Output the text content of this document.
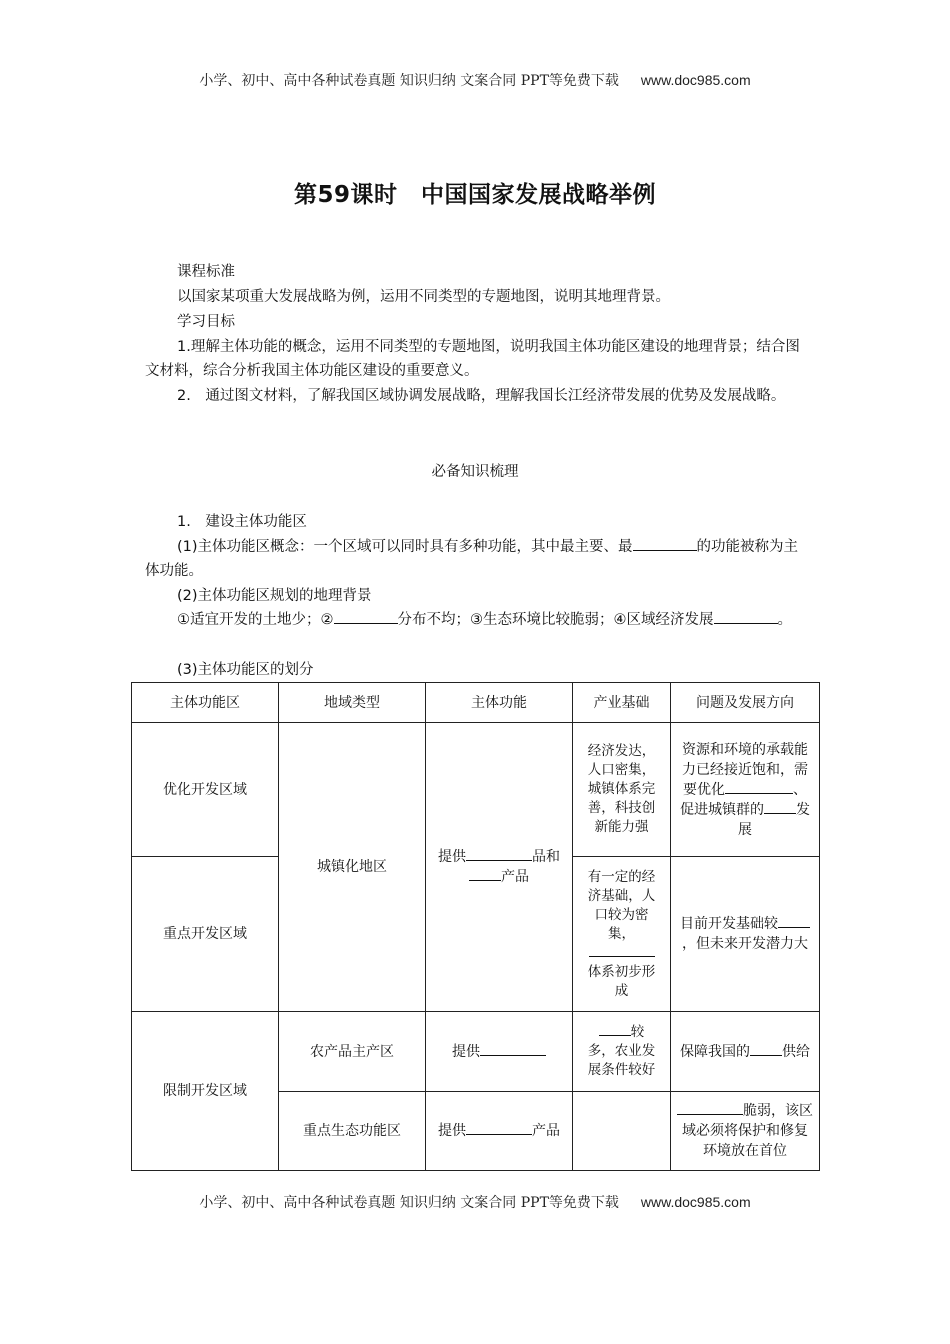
小学、初中、高中各种试卷真题 知识归纳 文案合同 PPT等免费下载 www.doc985.com
第59课时　中国国家发展战略举例
课程标准
以国家某项重大发展战略为例，运用不同类型的专题地图，说明其地理背景。
学习目标
1.理解主体功能的概念，运用不同类型的专题地图，说明我国主体功能区建设的地理背景；结合图文材料，综合分析我国主体功能区建设的重要意义。
2.　通过图文材料，了解我国区域协调发展战略，理解我国长江经济带发展的优势及发展战略。
必备知识梳理
1.　建设主体功能区
(1)主体功能区概念：一个区域可以同时具有多种功能，其中最主要、最	的功能被称为主体功能。
(2)主体功能区规划的地理背景
①适宜开发的土地少；②	分布不均；③生态环境比较脆弱；④区域经济发展	。
(3)主体功能区的划分
主体功能区	地域类型	主体功能	产业基础	问题及发展方向
优化开发区域	城镇化地区	提供 品和产品	经济发达，人口密集，城镇体系完善，科技创新能力强	资源和环境的承载能力已经接近饱和，需要优化 、促进城镇群的 发展
重点开发区域			有一定的经济基础，人口较为密集，体系初步形成	目前开发基础较，但未来开发潜力大
限制开发区域	农产品主产区	提供	较多，农业发展条件较好	保障我国的 供给
	重点生态功能区	提供 产品		脆弱，该区域必须将保护和修复环境放在首位
小学、初中、高中各种试卷真题 知识归纳 文案合同 PPT等免费下载 www.doc985.com
